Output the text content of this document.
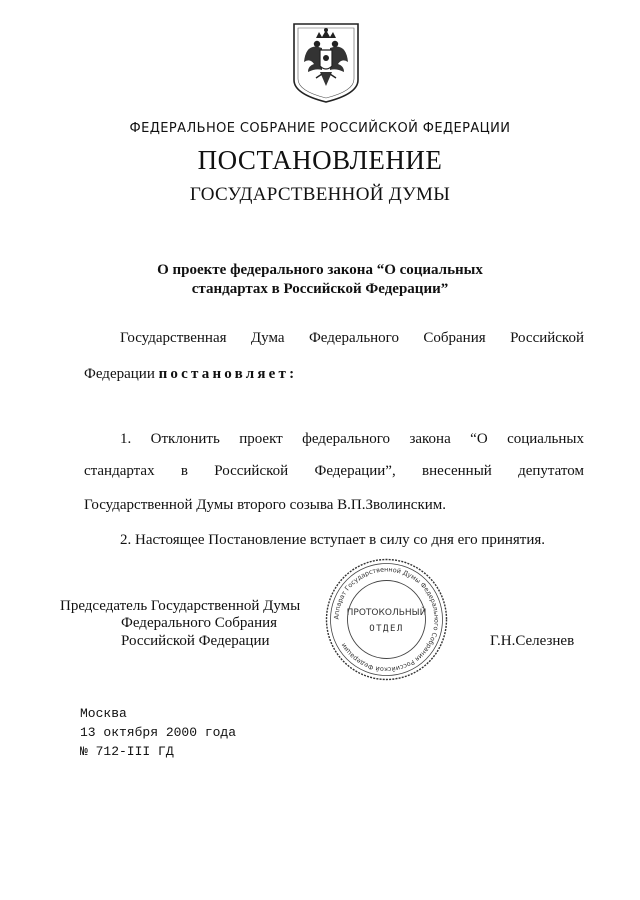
ФЕДЕРАЛЬНОЕ СОБРАНИЕ РОССИЙСКОЙ ФЕДЕРАЦИИ
ПОСТАНОВЛЕНИЕ
ГОСУДАРСТВЕННОЙ ДУМЫ
О проекте федерального закона “О социальных
стандартах в Российской Федерации”
Государственная Дума Федерального Собрания Российской
Федерации постановляет:
1. Отклонить проект федерального закона “О социальных
стандартах в Российской Федерации”, внесенный депутатом
Государственной Думы второго созыва В.П.Зволинским.
2. Настоящее Постановление вступает в силу со дня его принятия.
Председатель Государственной Думы
Федерального Собрания
Российской Федерации	Г.Н.Селезнев
Аппарат Государственной Думы Федерального Собрания Российской Федерации
ПРОТОКОЛЬНЫЙ
ОТДЕЛ
Москва
13 октября 2000 года
№ 712-III ГД
